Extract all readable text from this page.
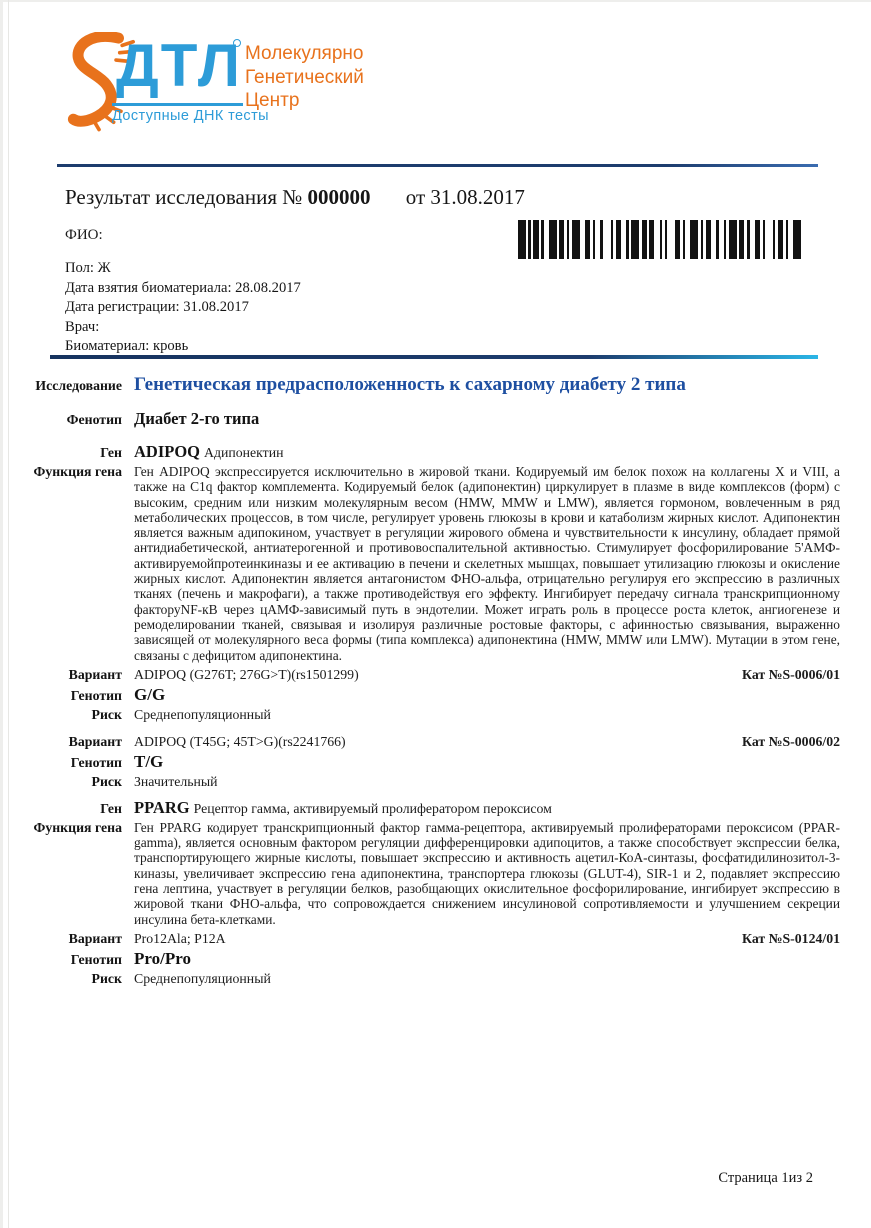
ДТЛ Молекулярно
Генетический
Центр
Доступные ДНК тесты
Результат исследования № 000000 от 31.08.2017
ФИО:
Пол: Ж
Дата взятия биоматериала: 28.08.2017
Дата регистрации: 31.08.2017
Врач:
Биоматериал: кровь
Исследование Генетическая предрасположенность к сахарному диабету 2 типа
Фенотип Диабет 2-го типа
Ген ADIPOQ Адипонектин
Функция гена Ген ADIPOQ экспрессируется исключительно в жировой ткани. Кодируемый им белок похож на коллагены X и VIII, а также на C1q фактор комплемента. Кодируемый белок (адипонектин) циркулирует в плазме в виде комплексов (форм) с высоким, средним или низким молекулярным весом (HMW, MMW и LMW), является гормоном, вовлеченным в ряд метаболических процессов, в том числе, регулирует уровень глюкозы в крови и катаболизм жирных кислот. Адипонектин является важным адипокином, участвует в регуляции жирового обмена и чувствительности к инсулину, обладает прямой антидиабетической, антиатерогенной и противовоспалительной активностью. Стимулирует фосфорилирование 5'АМФ-активируемойпротеинкиназы и ее активацию в печени и скелетных мышцах, повышает утилизацию глюкозы и окисление жирных кислот. Адипонектин является антагонистом ФНО-альфа, отрицательно регулируя его экспрессию в различных тканях (печень и макрофаги), а также противодействуя его эффекту. Ингибирует передачу сигнала транскрипционному факторуNF-кВ через цАМФ-зависимый путь в эндотелии. Может играть роль в процессе роста клеток, ангиогенезе и ремоделировании тканей, связывая и изолируя различные ростовые факторы, с афинностью связывания, выраженно зависящей от молекулярного веса формы (типа комплекса) адипонектина (HMW, MMW или LMW). Мутации в этом гене, связаны с дефицитом адипонектина.
Вариант ADIPOQ (G276T; 276G>T)(rs1501299)	Кат №S-0006/01
Генотип G/G
Риск Среднепопуляционный
Вариант ADIPOQ (T45G; 45T>G)(rs2241766)	Кат №S-0006/02
Генотип T/G
Риск Значительный
Ген PPARG Рецептор гамма, активируемый пролифератором пероксисом
Функция гена Ген PPARG кодирует транскрипционный фактор гамма-рецептора, активируемый пролифераторами пероксисом (PPAR-gamma), является основным фактором регуляции дифференцировки адипоцитов, а также способствует экспрессии белка, транспортирующего жирные кислоты, повышает экспрессию и активность ацетил-КоА-синтазы, фосфатидилинозитол-3-киназы, увеличивает экспрессию гена адипонектина, транспортера глюкозы (GLUT-4), SIR-1 и 2, подавляет экспрессию гена лептина, участвует в регуляции белков, разобщающих окислительное фосфорилирование, ингибирует экспрессию в жировой ткани ФНО-альфа, что сопровождается снижением инсулиновой сопротивляемости и улучшением секреции инсулина бета-клетками.
Вариант Pro12Ala; P12A	Кат №S-0124/01
Генотип Pro/Pro
Риск Среднепопуляционный
Страница 1из 2
